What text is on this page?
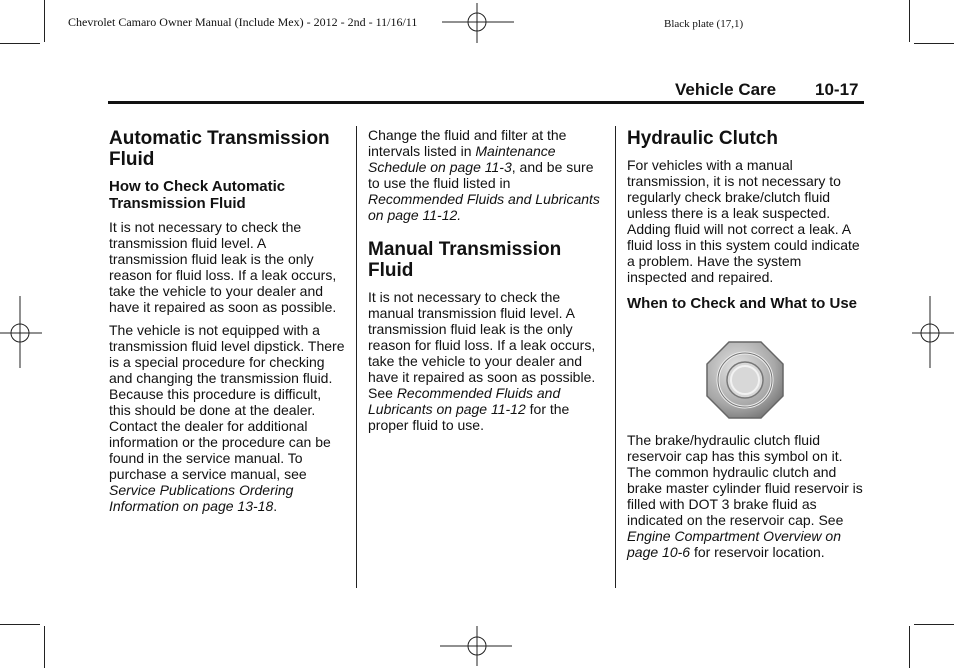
Chevrolet Camaro Owner Manual (Include Mex) - 2012 - 2nd - 11/16/11	Black plate (17,1)
Vehicle Care 10-17
Automatic Transmission Fluid
How to Check Automatic Transmission Fluid

It is not necessary to check the transmission fluid level. A transmission fluid leak is the only reason for fluid loss. If a leak occurs, take the vehicle to your dealer and have it repaired as soon as possible.

The vehicle is not equipped with a transmission fluid level dipstick. There is a special procedure for checking and changing the transmission fluid. Because this procedure is difficult, this should be done at the dealer. Contact the dealer for additional information or the procedure can be found in the service manual. To purchase a service manual, see Service Publications Ordering Information on page 13-18.

Change the fluid and filter at the intervals listed in Maintenance Schedule on page 11-3, and be sure to use the fluid listed in Recommended Fluids and Lubricants on page 11-12.

Manual Transmission Fluid

It is not necessary to check the manual transmission fluid level. A transmission fluid leak is the only reason for fluid loss. If a leak occurs, take the vehicle to your dealer and have it repaired as soon as possible. See Recommended Fluids and Lubricants on page 11-12 for the proper fluid to use.

Hydraulic Clutch

For vehicles with a manual transmission, it is not necessary to regularly check brake/clutch fluid unless there is a leak suspected. Adding fluid will not correct a leak. A fluid loss in this system could indicate a problem. Have the system inspected and repaired.

When to Check and What to Use

The brake/hydraulic clutch fluid reservoir cap has this symbol on it. The common hydraulic clutch and brake master cylinder fluid reservoir is filled with DOT 3 brake fluid as indicated on the reservoir cap. See Engine Compartment Overview on page 10-6 for reservoir location.
